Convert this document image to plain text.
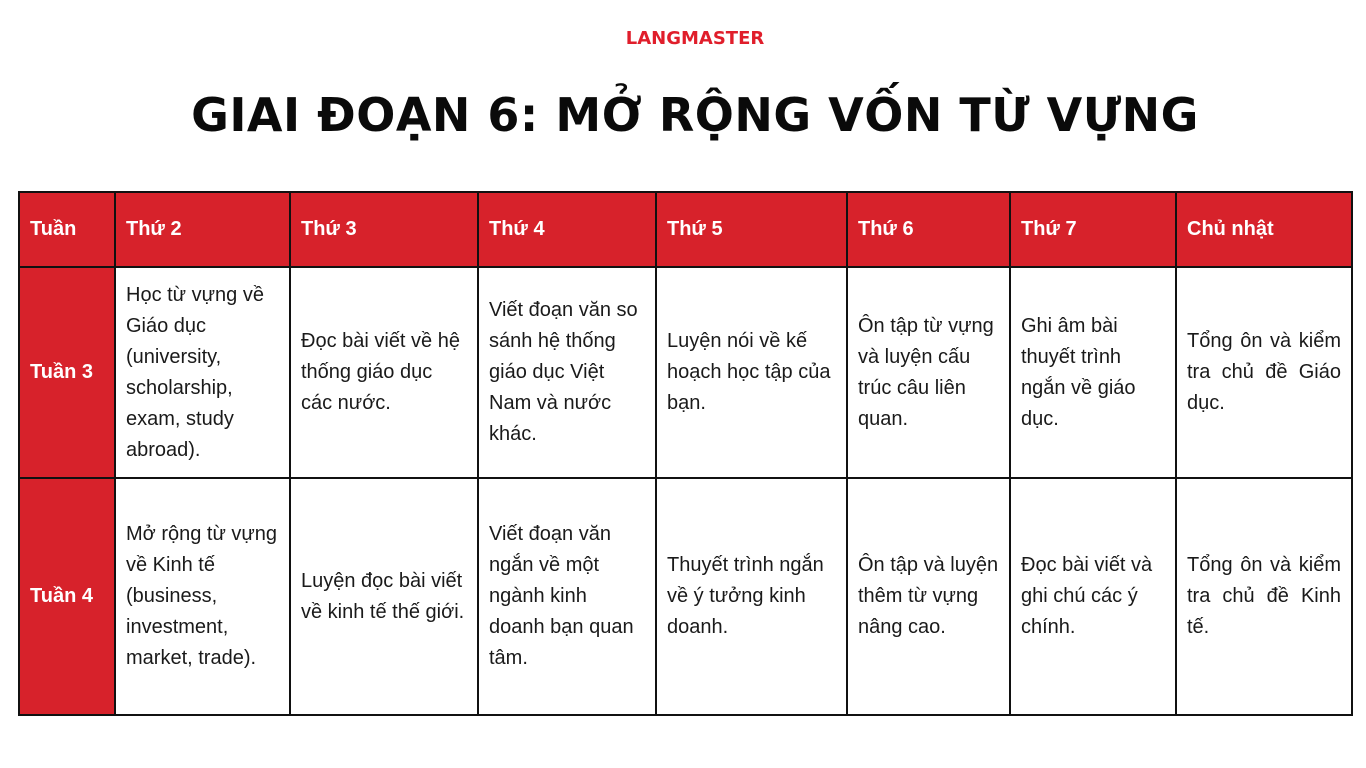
LANGMASTER
GIAI ĐOẠN 6: MỞ RỘNG VỐN TỪ VỰNG
Tuần	Thứ 2	Thứ 3	Thứ 4	Thứ 5	Thứ 6	Thứ 7	Chủ nhật
Tuần 3	Học từ vựng về Giáo dục (university, scholarship, exam, study abroad).	Đọc bài viết về hệ thống giáo dục các nước.	Viết đoạn văn so sánh hệ thống giáo dục Việt Nam và nước khác.	Luyện nói về kế hoạch học tập của bạn.	Ôn tập từ vựng và luyện cấu trúc câu liên quan.	Ghi âm bài thuyết trình ngắn về giáo dục.	Tổng ôn và kiểm tra chủ đề Giáo dục.
Tuần 4	Mở rộng từ vựng về Kinh tế (business, investment, market, trade).	Luyện đọc bài viết về kinh tế thế giới.	Viết đoạn văn ngắn về một ngành kinh doanh bạn quan tâm.	Thuyết trình ngắn về ý tưởng kinh doanh.	Ôn tập và luyện thêm từ vựng nâng cao.	Đọc bài viết và ghi chú các ý chính.	Tổng ôn và kiểm tra chủ đề Kinh tế.
